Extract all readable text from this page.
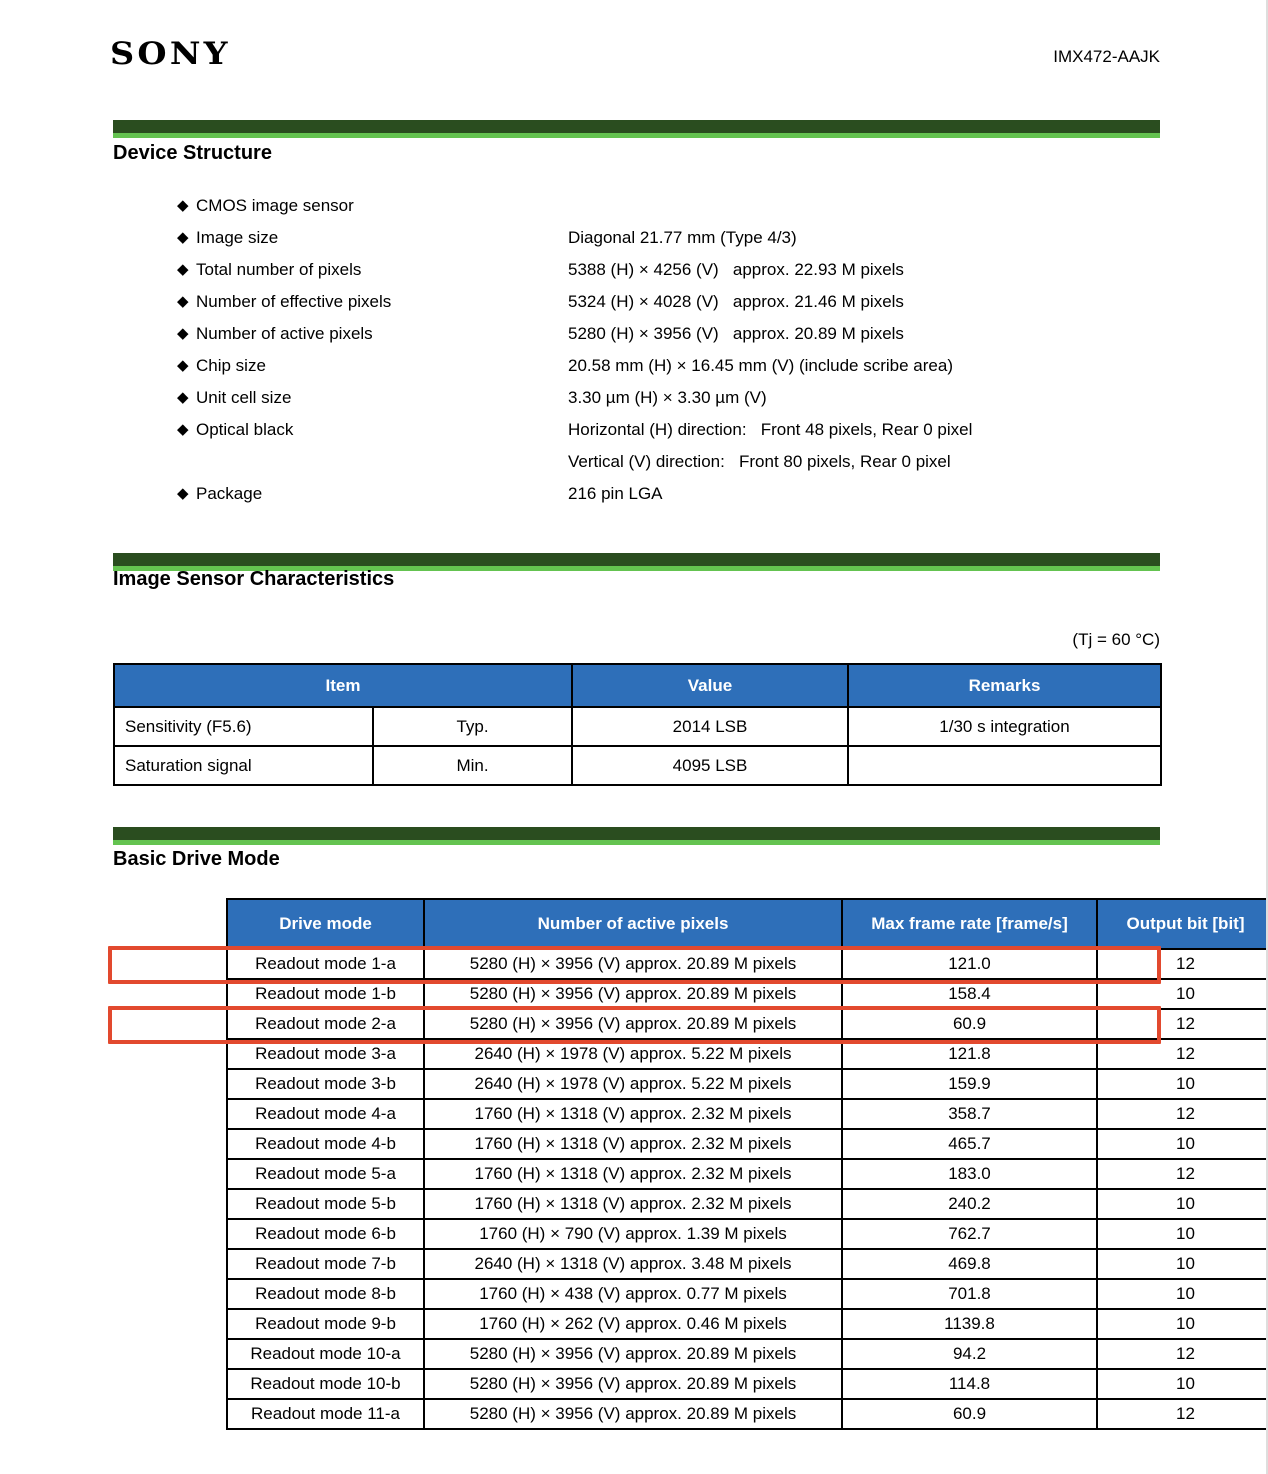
SONY	IMX472-AAJK
Device Structure
◆ CMOS image sensor
◆ Image size	Diagonal 21.77 mm (Type 4/3)
◆ Total number of pixels	5388 (H) × 4256 (V)   approx. 22.93 M pixels
◆ Number of effective pixels	5324 (H) × 4028 (V)   approx. 21.46 M pixels
◆ Number of active pixels	5280 (H) × 3956 (V)   approx. 20.89 M pixels
◆ Chip size	20.58 mm (H) × 16.45 mm (V) (include scribe area)
◆ Unit cell size	3.30 µm (H) × 3.30 µm (V)
◆ Optical black	Horizontal (H) direction:   Front 48 pixels, Rear 0 pixel
Vertical (V) direction:   Front 80 pixels, Rear 0 pixel
◆ Package	216 pin LGA
Image Sensor Characteristics
(Tj = 60 °C)
Item		Value	Remarks
Sensitivity (F5.6)	Typ.	2014 LSB	1/30 s integration
Saturation signal	Min.	4095 LSB	
Basic Drive Mode
Drive mode	Number of active pixels	Max frame rate [frame/s]	Output bit [bit]
Readout mode 1-a	5280 (H) × 3956 (V) approx. 20.89 M pixels	121.0	12
Readout mode 1-b	5280 (H) × 3956 (V) approx. 20.89 M pixels	158.4	10
Readout mode 2-a	5280 (H) × 3956 (V) approx. 20.89 M pixels	60.9	12
Readout mode 3-a	2640 (H) × 1978 (V) approx. 5.22 M pixels	121.8	12
Readout mode 3-b	2640 (H) × 1978 (V) approx. 5.22 M pixels	159.9	10
Readout mode 4-a	1760 (H) × 1318 (V) approx. 2.32 M pixels	358.7	12
Readout mode 4-b	1760 (H) × 1318 (V) approx. 2.32 M pixels	465.7	10
Readout mode 5-a	1760 (H) × 1318 (V) approx. 2.32 M pixels	183.0	12
Readout mode 5-b	1760 (H) × 1318 (V) approx. 2.32 M pixels	240.2	10
Readout mode 6-b	1760 (H) × 790 (V) approx. 1.39 M pixels	762.7	10
Readout mode 7-b	2640 (H) × 1318 (V) approx. 3.48 M pixels	469.8	10
Readout mode 8-b	1760 (H) × 438 (V) approx. 0.77 M pixels	701.8	10
Readout mode 9-b	1760 (H) × 262 (V) approx. 0.46 M pixels	1139.8	10
Readout mode 10-a	5280 (H) × 3956 (V) approx. 20.89 M pixels	94.2	12
Readout mode 10-b	5280 (H) × 3956 (V) approx. 20.89 M pixels	114.8	10
Readout mode 11-a	5280 (H) × 3956 (V) approx. 20.89 M pixels	60.9	12
